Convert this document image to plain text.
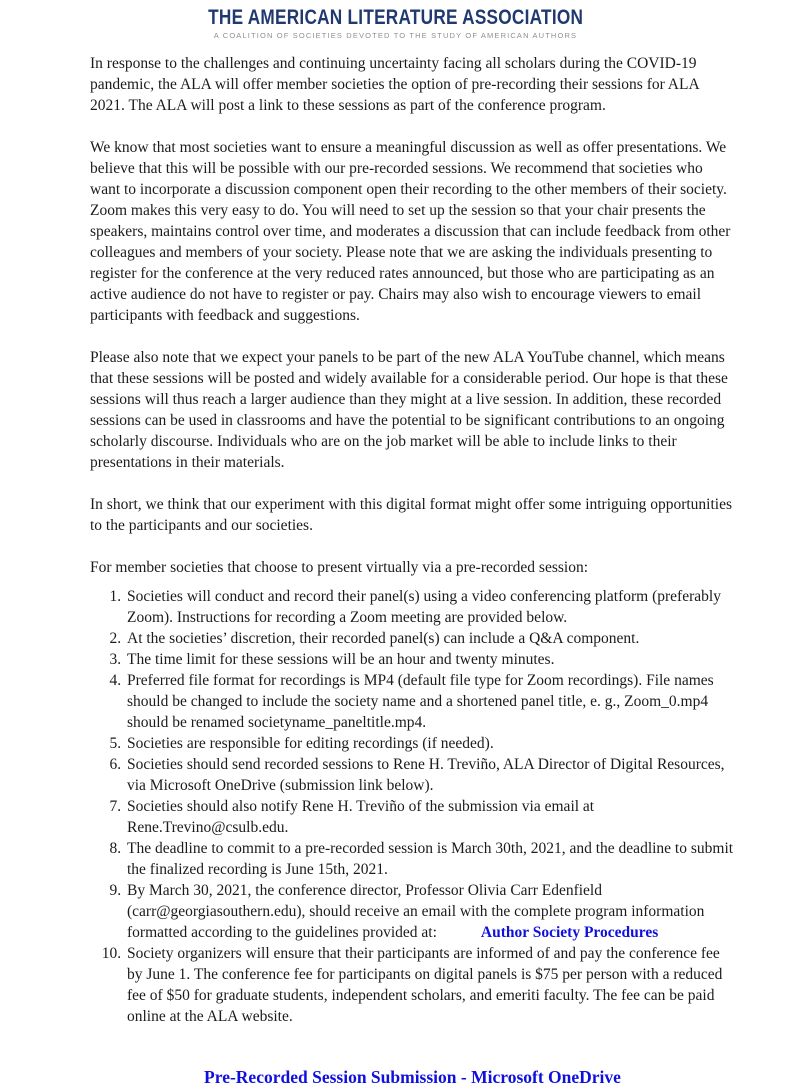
THE AMERICAN LITERATURE ASSOCIATION
A COALITION OF SOCIETIES DEVOTED TO THE STUDY OF AMERICAN AUTHORS

In response to the challenges and continuing uncertainty facing all scholars during the COVID-19 pandemic, the ALA will offer member societies the option of pre-recording their sessions for ALA 2021. The ALA will post a link to these sessions as part of the conference program.

We know that most societies want to ensure a meaningful discussion as well as offer presentations. We believe that this will be possible with our pre-recorded sessions. We recommend that societies who want to incorporate a discussion component open their recording to the other members of their society. Zoom makes this very easy to do. You will need to set up the session so that your chair presents the speakers, maintains control over time, and moderates a discussion that can include feedback from other colleagues and members of your society. Please note that we are asking the individuals presenting to register for the conference at the very reduced rates announced, but those who are participating as an active audience do not have to register or pay. Chairs may also wish to encourage viewers to email participants with feedback and suggestions.

Please also note that we expect your panels to be part of the new ALA YouTube channel, which means that these sessions will be posted and widely available for a considerable period. Our hope is that these sessions will thus reach a larger audience than they might at a live session. In addition, these recorded sessions can be used in classrooms and have the potential to be significant contributions to an ongoing scholarly discourse. Individuals who are on the job market will be able to include links to their presentations in their materials.

In short, we think that our experiment with this digital format might offer some intriguing opportunities to the participants and our societies.

For member societies that choose to present virtually via a pre-recorded session:

1. Societies will conduct and record their panel(s) using a video conferencing platform (preferably Zoom). Instructions for recording a Zoom meeting are provided below.
2. At the societies’ discretion, their recorded panel(s) can include a Q&A component.
3. The time limit for these sessions will be an hour and twenty minutes.
4. Preferred file format for recordings is MP4 (default file type for Zoom recordings). File names should be changed to include the society name and a shortened panel title, e. g., Zoom_0.mp4 should be renamed societyname_paneltitle.mp4.
5. Societies are responsible for editing recordings (if needed).
6. Societies should send recorded sessions to Rene H. Treviño, ALA Director of Digital Resources, via Microsoft OneDrive (submission link below).
7. Societies should also notify Rene H. Treviño of the submission via email at Rene.Trevino@csulb.edu.
8. The deadline to commit to a pre-recorded session is March 30th, 2021, and the deadline to submit the finalized recording is June 15th, 2021.
9. By March 30, 2021, the conference director, Professor Olivia Carr Edenfield (carr@georgiasouthern.edu), should receive an email with the complete program information formatted according to the guidelines provided at:	Author Society Procedures
10. Society organizers will ensure that their participants are informed of and pay the conference fee by June 1. The conference fee for participants on digital panels is $75 per person with a reduced fee of $50 for graduate students, independent scholars, and emeriti faculty. The fee can be paid online at the ALA website.
Pre-Recorded Session Submission - Microsoft OneDrive
